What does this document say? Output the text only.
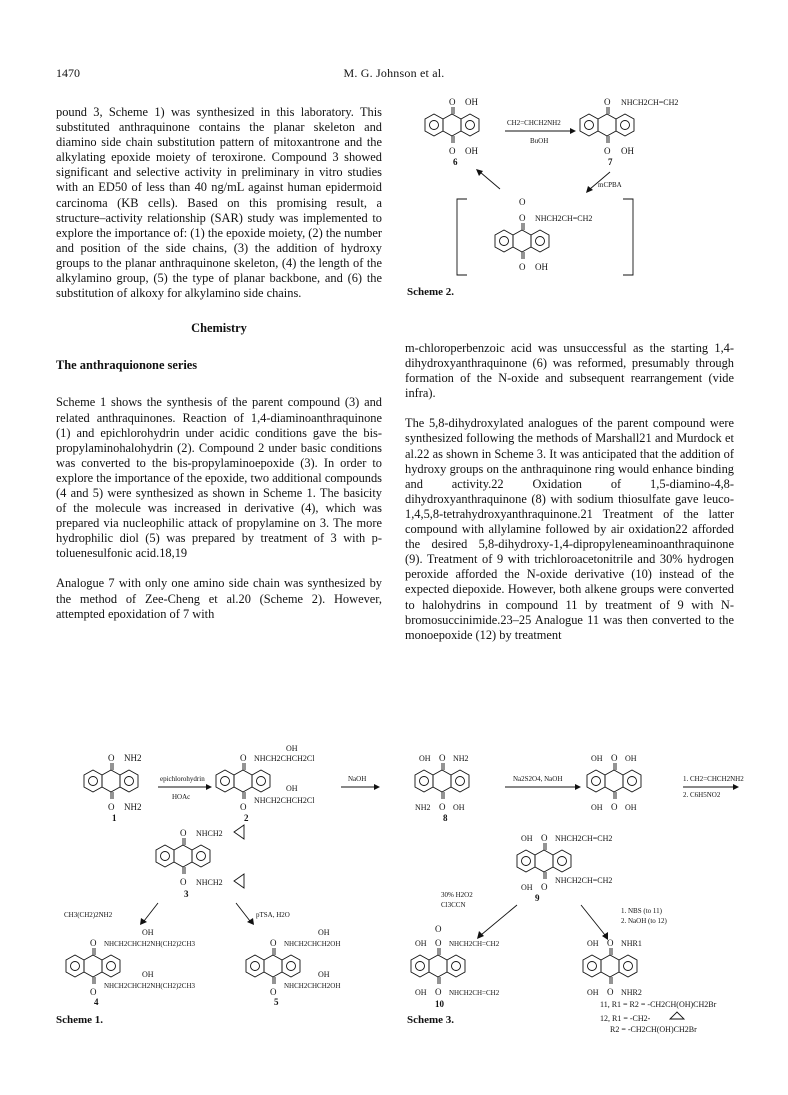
1470	M. G. Johnson et al.

pound 3, Scheme 1) was synthesized in this laboratory. This substituted anthraquinone contains the planar skeleton and diamino side chain substitution pattern of mitoxantrone and the alkylating epoxide moiety of teroxirone. Compound 3 showed significant and selective activity in preliminary in vitro studies with an ED50 of less than 40 ng/mL against human epidermoid carcinoma (KB cells). Based on this promising result, a structure–activity relationship (SAR) study was implemented to explore the importance of: (1) the epoxide moiety, (2) the number and position of the side chains, (3) the addition of hydroxy groups to the planar anthraquinone skeleton, (4) the length of the alkylamino group, (5) the type of planar backbone, and (6) the substitution of alkoxy for alkylamino side chains.

Chemistry
The anthraquionone series

Scheme 1 shows the synthesis of the parent compound (3) and related anthraquinones. Reaction of 1,4-diaminoanthraquinone (1) and epichlorohydrin under acidic conditions gave the bis-propylaminohalohydrin (2). Compound 2 under basic conditions was converted to the bis-propylaminoepoxide (3). In order to explore the importance of the epoxide, two additional compounds (4 and 5) were synthesized as shown in Scheme 1. The basicity of the molecule was increased in derivative (4), which was prepared via nucleophilic attack of propylamine on 3. The more hydrophilic diol (5) was prepared by treatment of 3 with p-toluenesulfonic acid.18,19

Analogue 7 with only one amino side chain was synthesized by the method of Zee-Cheng et al.20 (Scheme 2). However, attempted epoxidation of 7 with

m-chloroperbenzoic acid was unsuccessful as the starting 1,4-dihydroxyanthraquinone (6) was reformed, presumably through formation of the N-oxide and subsequent rearrangement (vide infra).

The 5,8-dihydroxylated analogues of the parent compound were synthesized following the methods of Marshall21 and Murdock et al.22 as shown in Scheme 3. It was anticipated that the addition of hydroxy groups on the anthraquinone ring would enhance binding and activity.22 Oxidation of 1,5-diamino-4,8-dihydroxyanthraquinone (8) with sodium thiosulfate gave leuco-1,4,5,8-tetrahydroxyanthraquinone.21 Treatment of the latter compound with allylamine followed by air oxidation22 afforded the desired 5,8-dihydroxy-1,4-dipropyleneaminoanthraquinone (9). Treatment of 9 with trichloroacetonitrile and 30% hydrogen peroxide afforded the N-oxide derivative (10) instead of the expected diepoxide. However, both alkene groups were converted to halohydrins in compound 11 by treatment of 9 with N-bromosuccinimide.23–25 Analogue 11 was then converted to the monoepoxide (12) by treatment

O OH
O OH
6
CH2=CHCH2NH2
BuOH
O NHCH2CH=CH2
O OH
7
mCPBA
O
O NHCH2CH=CH2
O OH
Scheme 2.
O NH2
O NH2
1
epichlorohydrin
HOAc
OH
O NHCH2CHCH2Cl
OH
O
NHCH2CHCH2Cl
2
NaOH
O NHCH2
O NHCH2
3
CH3(CH2)2NH2	pTSA, H2O
OH
O NHCH2CHCH2NH(CH2)2CH3
OH
O
NHCH2CHCH2NH(CH2)2CH3
4
OH
O NHCH2CHCH2OH
OH
O
NHCH2CHCH2OH
5
Scheme 1.
OH O NH2
NH2 O OH
8
Na2S2O4, NaOH
OH O OH
OH O OH
1. CH2=CHCH2NH2
2. C6H5NO2
OH O NHCH2CH=CH2
OH O
NHCH2CH=CH2
9
30% H2O2
Cl3CCN
1. NBS (to 11)
2. NaOH (to 12)
O
OH O NHCH2CH=CH2
OH O NHCH2CH=CH2
10
OH O NHR1
OH O NHR2
11, R1 = R2 = -CH2CH(OH)CH2Br
12, R1 = -CH2-
R2 = -CH2CH(OH)CH2Br
Scheme 3.
